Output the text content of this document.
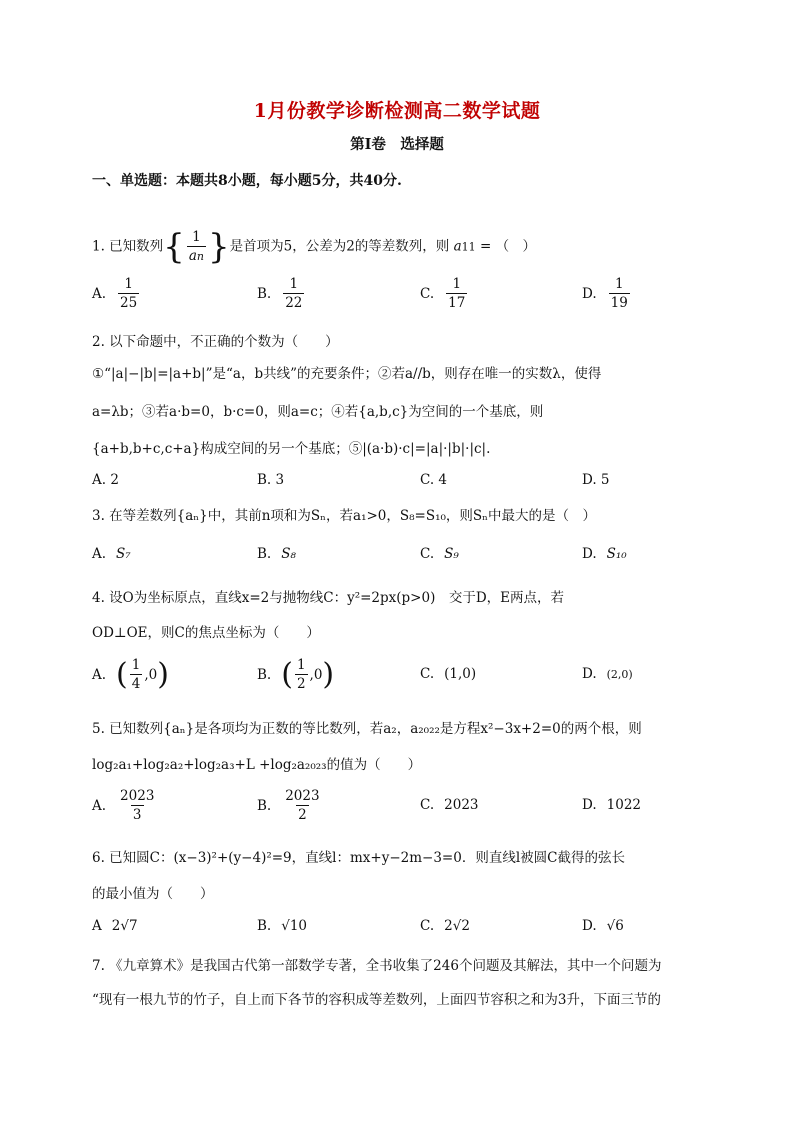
1月份教学诊断检测高二数学试题
第I卷　选择题
一、单选题：本题共8小题，每小题5分，共40分.
1. 已知数列{ $\frac{1}{an}$ }是首项为5，公差为2的等差数列，则 a11 = （　）
A. $\frac{1}{25}$	B. $\frac{1}{22}$	C. $\frac{1}{17}$	D. $\frac{1}{19}$
2. 以下命题中，不正确的个数为（　　）
①“|a|−|b|=|a+b|”是“a，b共线”的充要条件；②若a//b，则存在唯一的实数λ，使得
a=λb；③若a·b=0，b·c=0，则a=c；④若{a,b,c}为空间的一个基底，则
{a+b,b+c,c+a}构成空间的另一个基底；⑤|(a·b)·c|=|a|·|b|·|c|.
A. 2	B. 3	C. 4	D. 5
3. 在等差数列{aₙ}中，其前n项和为Sₙ，若a₁>0，S₈=S₁₀，则Sₙ中最大的是（　）
A. S₇	B. S₈	C. S₉	D. S₁₀
4. 设O为坐标原点，直线x=2与抛物线C：y²=2px(p>0)　交于D，E两点，若
OD⊥OE，则C的焦点坐标为（　　）
A. ( $\frac{1}{4} ,0$ )	B. ( $\frac{1}{2} ,0$ )	C. (1,0)	D. (2,0)
5. 已知数列{aₙ}是各项均为正数的等比数列，若a₂，a₂₀₂₂是方程x²−3x+2=0的两个根，则
log₂a₁+log₂a₂+log₂a₃+L +log₂a₂₀₂₃的值为（　　）
A. $\frac{2023}{3}$	B. $\frac{2023}{2}$	C. 2023	D. 1022
6. 已知圆C：(x−3)²+(y−4)²=9，直线l：mx+y−2m−3=0．则直线l被圆C截得的弦长
的最小值为（　　）
A 2√7	B. √10	C. 2√2	D. √6
7. 《九章算术》是我国古代第一部数学专著，全书收集了246个问题及其解法，其中一个问题为
“现有一根九节的竹子，自上而下各节的容积成等差数列，上面四节容积之和为3升，下面三节的
